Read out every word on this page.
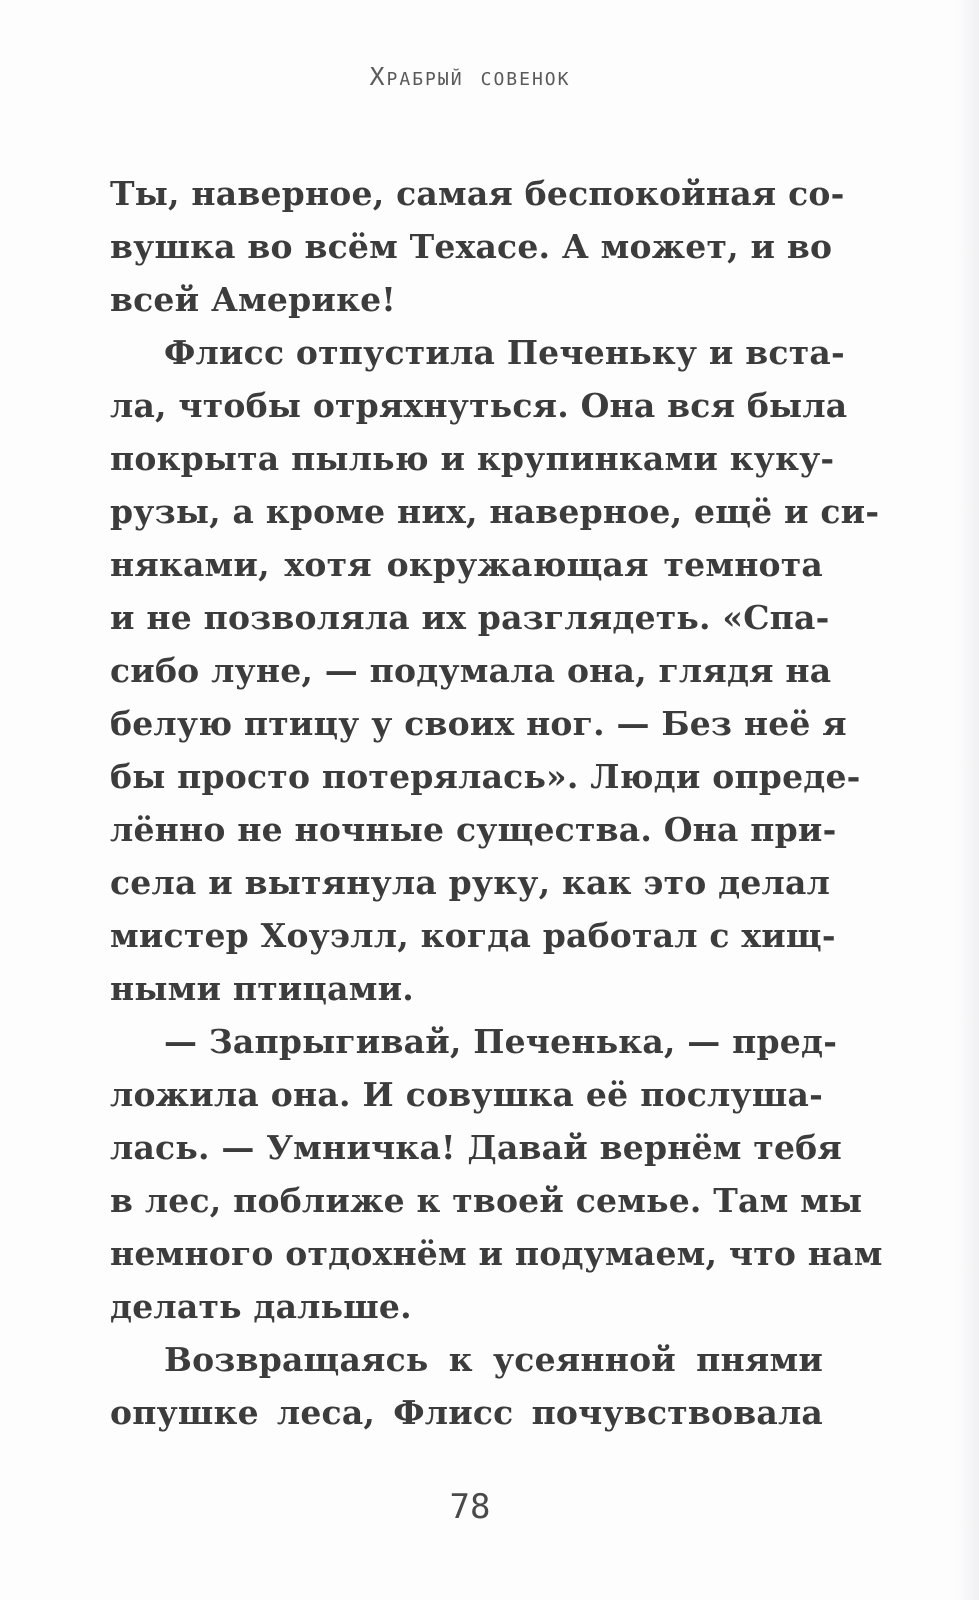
Храбрый совенок
Ты, наверное, самая беспокойная со-
вушка во всём Техасе. А может, и во
всей Америке!
Флисс отпустила Печеньку и вста-
ла, чтобы отряхнуться. Она вся была
покрыта пылью и крупинками куку-
рузы, а кроме них, наверное, ещё и си-
няками, хотя окружающая темнота
и не позволяла их разглядеть. «Спа-
сибо луне, — подумала она, глядя на
белую птицу у своих ног. — Без неё я
бы просто потерялась». Люди опреде-
лённо не ночные существа. Она при-
села и вытянула руку, как это делал
мистер Хоуэлл, когда работал с хищ-
ными птицами.
— Запрыгивай, Печенька, — пред-
ложила она. И совушка её послуша-
лась. — Умничка! Давай вернём тебя
в лес, поближе к твоей семье. Там мы
немного отдохнём и подумаем, что нам
делать дальше.
Возвращаясь к усеянной пнями
опушке леса, Флисс почувствовала
78
